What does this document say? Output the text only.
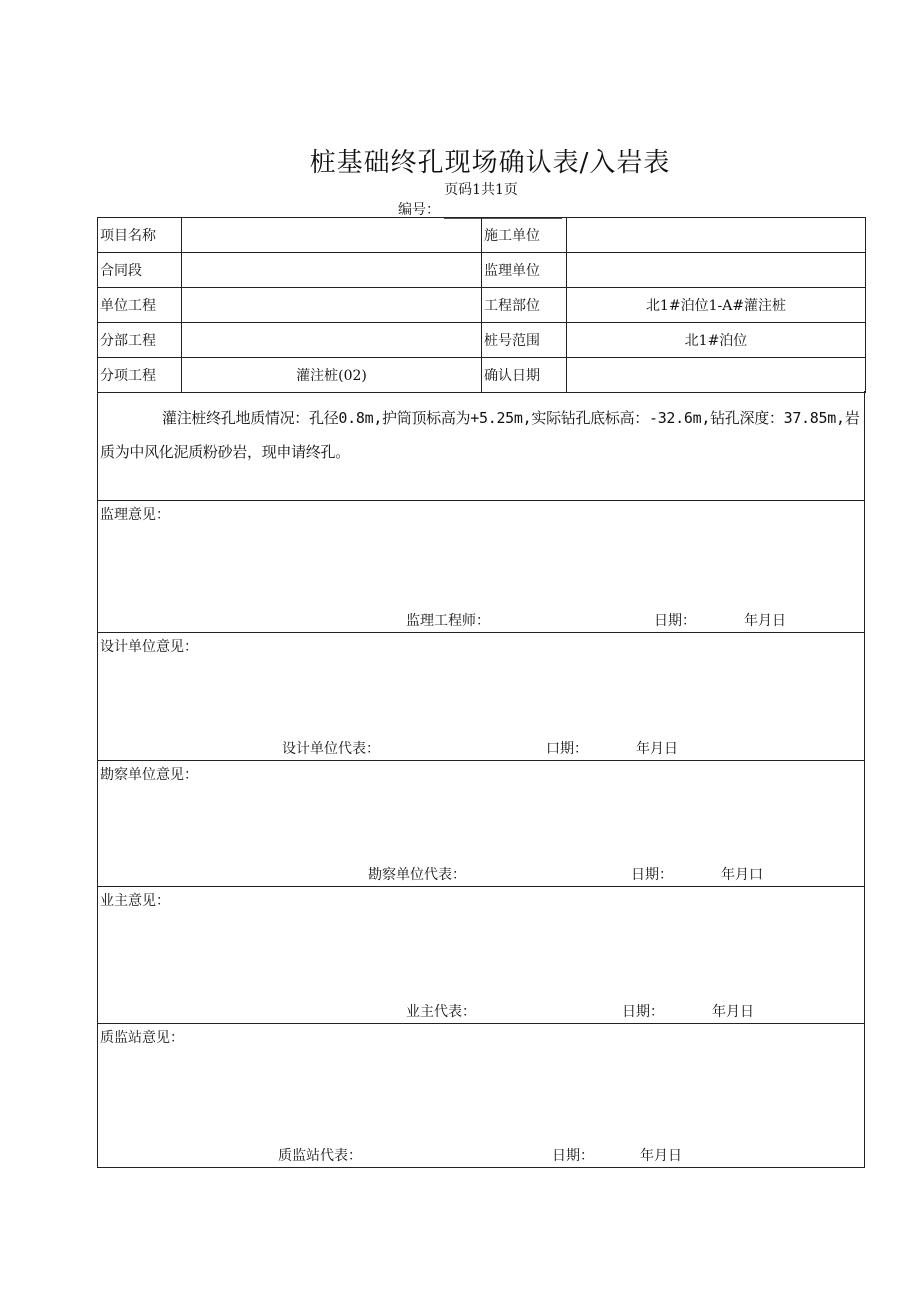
桩基础终孔现场确认表/入岩表
页码1共1页
编号：
项目名称		施工单位	
合同段		监理单位	
单位工程		工程部位	北1#泊位1-A#灌注桩
分部工程		桩号范围	北1#泊位
分项工程	灌注桩(02)	确认日期	
灌注桩终孔地质情况：孔径0.8m,护筒顶标高为+5.25m,实际钻孔底标高：-32.6m,钻孔深度：37.85m,岩质为中风化泥质粉砂岩，现申请终孔。
监理意见：
监理工程师：	日期：	年月日
设计单位意见：
设计单位代表：	口期：	年月日
勘察单位意见：
勘察单位代表：	日期：	年月口
业主意见：
业主代表：	日期：	年月日
质监站意见：
质监站代表：	日期：	年月日
